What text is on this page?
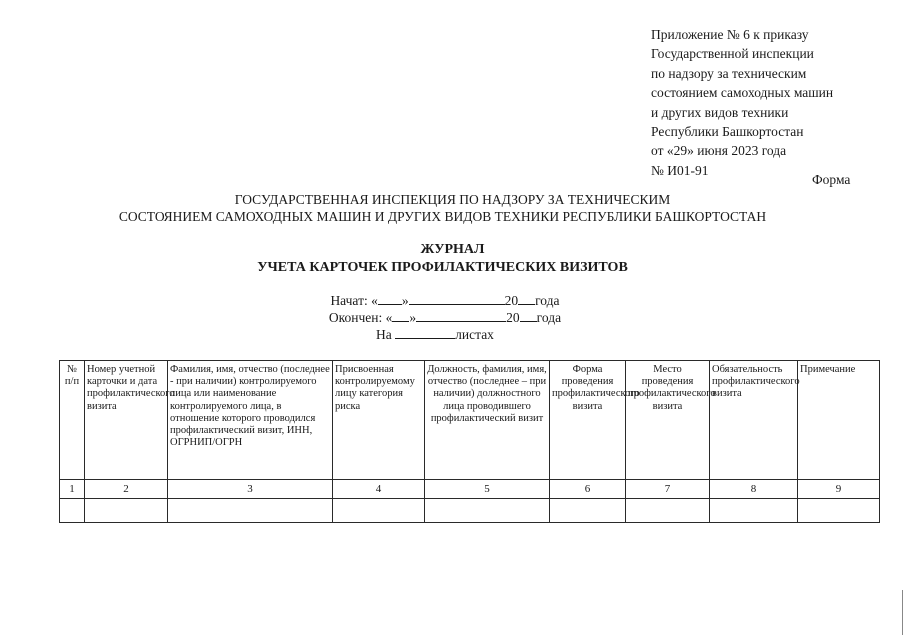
Приложение № 6 к приказу
Государственной инспекции
по надзору за техническим
состоянием самоходных машин
и других видов техники
Республики Башкортостан
от «29» июня 2023 года
№ И01-91
Форма
ГОСУДАРСТВЕННАЯ ИНСПЕКЦИЯ ПО НАДЗОРУ ЗА ТЕХНИЧЕСКИМ
СОСТОЯНИЕМ САМОХОДНЫХ МАШИН И ДРУГИХ ВИДОВ ТЕХНИКИ РЕСПУБЛИКИ БАШКОРТОСТАН
ЖУРНАЛ
УЧЕТА КАРТОЧЕК ПРОФИЛАКТИЧЕСКИХ ВИЗИТОВ
Начат: « »	20 года
Окончен: « »	20 года
На	листах
№ п/п	Номер учетной карточки и дата профилактического визита	Фамилия, имя, отчество (последнее - при наличии) контролируемого лица или наименование контролируемого лица, в отношение которого проводился профилактический визит, ИНН, ОГРНИП/ОГРН	Присвоенная контролируемому лицу категория риска	Должность, фамилия, имя, отчество (последнее – при наличии) должностного лица проводившего профилактический визит	Форма проведения профилактического визита	Место проведения профилактического визита	Обязательность профилактического визита	Примечание
1	2	3	4	5	6	7	8	9
